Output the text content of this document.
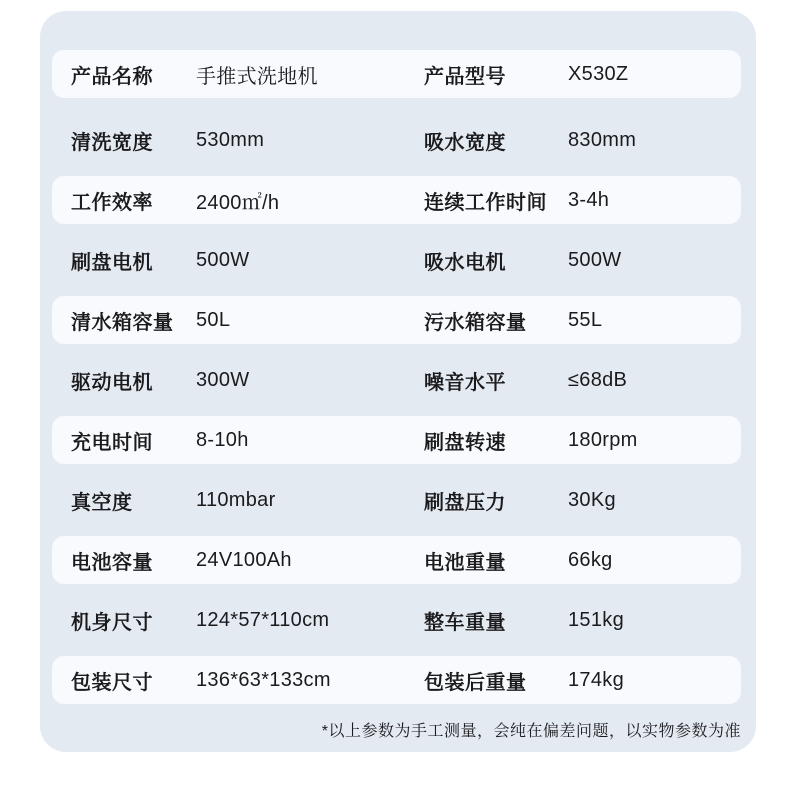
产品名称	手推式洗地机	产品型号	X530Z
清洗宽度	530mm	吸水宽度	830mm
工作效率	2400㎡/h	连续工作时间	3-4h
刷盘电机	500W	吸水电机	500W
清水箱容量	50L	污水箱容量	55L
驱动电机	300W	噪音水平	≤68dB
充电时间	8-10h	刷盘转速	180rpm
真空度	110mbar	刷盘压力	30Kg
电池容量	24V100Ah	电池重量	66kg
机身尺寸	124*57*110cm	整车重量	151kg
包装尺寸	136*63*133cm	包装后重量	174kg
*以上参数为手工测量，会纯在偏差问题，以实物参数为准
